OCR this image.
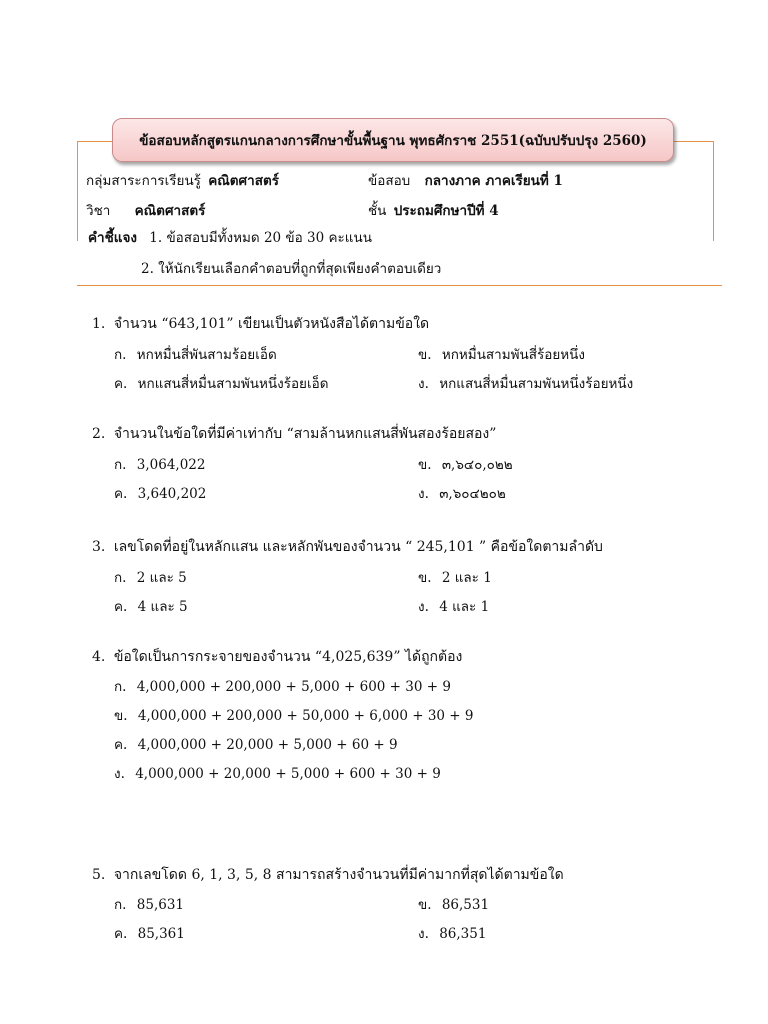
ข้อสอบหลักสูตรแกนกลางการศึกษาขั้นพื้นฐาน พุทธศักราช 2551(ฉบับปรับปรุง 2560)
กลุ่มสาระการเรียนรู้ คณิตศาสตร์	ข้อสอบ กลางภาค ภาคเรียนที่ 1
วิชา คณิตศาสตร์	ชั้น ประถมศึกษาปีที่ 4
คำชี้แจง 1. ข้อสอบมีทั้งหมด 20 ข้อ 30 คะแนน
2. ให้นักเรียนเลือกคำตอบที่ถูกที่สุดเพียงคำตอบเดียว
1. จำนวน “643,101” เขียนเป็นตัวหนังสือได้ตามข้อใด
ก. หกหมื่นสี่พันสามร้อยเอ็ด	ข. หกหมื่นสามพันสี่ร้อยหนึ่ง
ค. หกแสนสี่หมื่นสามพันหนึ่งร้อยเอ็ด	ง. หกแสนสี่หมื่นสามพันหนึ่งร้อยหนึ่ง
2. จำนวนในข้อใดที่มีค่าเท่ากับ “สามล้านหกแสนสี่พันสองร้อยสอง”
ก. 3,064,022	ข. ๓,๖๔๐,๐๒๒
ค. 3,640,202	ง. ๓,๖๐๔๒๐๒
3. เลขโดดที่อยู่ในหลักแสน และหลักพันของจำนวน “ 245,101 ” คือข้อใดตามลำดับ
ก. 2 และ 5	ข. 2 และ 1
ค. 4 และ 5	ง. 4 และ 1
4. ข้อใดเป็นการกระจายของจำนวน “4,025,639” ได้ถูกต้อง
ก. 4,000,000 + 200,000 + 5,000 + 600 + 30 + 9
ข. 4,000,000 + 200,000 + 50,000 + 6,000 + 30 + 9
ค. 4,000,000 + 20,000 + 5,000 + 60 + 9
ง. 4,000,000 + 20,000 + 5,000 + 600 + 30 + 9
5. จากเลขโดด 6, 1, 3, 5, 8 สามารถสร้างจำนวนที่มีค่ามากที่สุดได้ตามข้อใด
ก. 85,631	ข. 86,531
ค. 85,361	ง. 86,351
